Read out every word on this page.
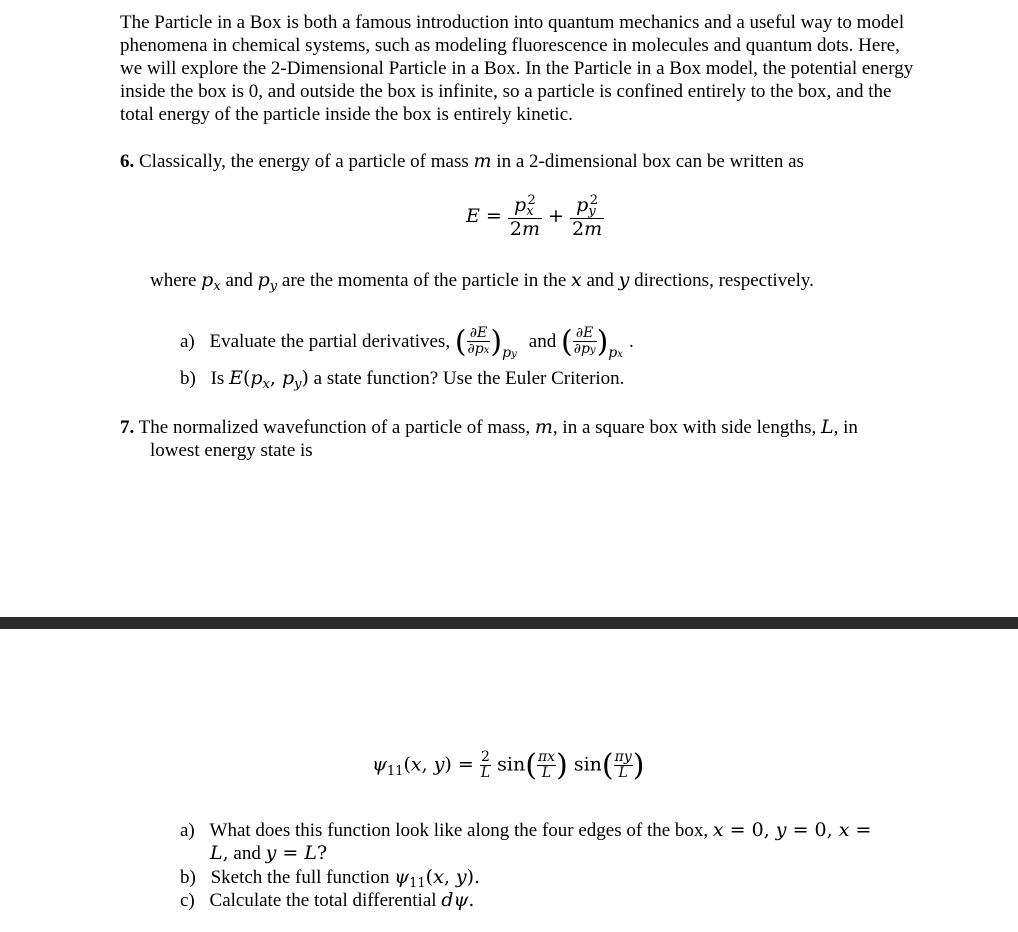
The Particle in a Box is both a famous introduction into quantum mechanics and a useful way to model phenomena in chemical systems, such as modeling fluorescence in molecules and quantum dots. Here, we will explore the 2-Dimensional Particle in a Box. In the Particle in a Box model, the potential energy inside the box is 0, and outside the box is infinite, so a particle is confined entirely to the box, and the total energy of the particle inside the box is entirely kinetic.

6. Classically, the energy of a particle of mass m in a 2-dimensional box can be written as

$E = \frac{p_x^2}{2m} + \frac{p_y^2}{2m}$

where $p_x$ and $p_y$ are the momenta of the particle in the x and y directions, respectively.

a) Evaluate the partial derivatives, ( $\frac{\partial E}{\partial px} )_{py}$ and ( $\frac{\partial E}{\partial py} )_{px}$ .
b) Is $E(p_x$, $p_y$) a state function? Use the Euler Criterion.

7. The normalized wavefunction of a particle of mass, m, in a square box with side lengths, L, in

lowest energy state is

$\psi_{11}(x$, $y) = \frac{2}{L} \sin( \frac{\pi x}{L}$ ) $\sin( \frac{\pi y}{L}$ )
a) What does this function look like along the four edges of the box, x = 0, y = 0, x =
L, and y = L?
b) Sketch the full function $\psi_{11}(x$, y).
c) Calculate the total differential dψ.
